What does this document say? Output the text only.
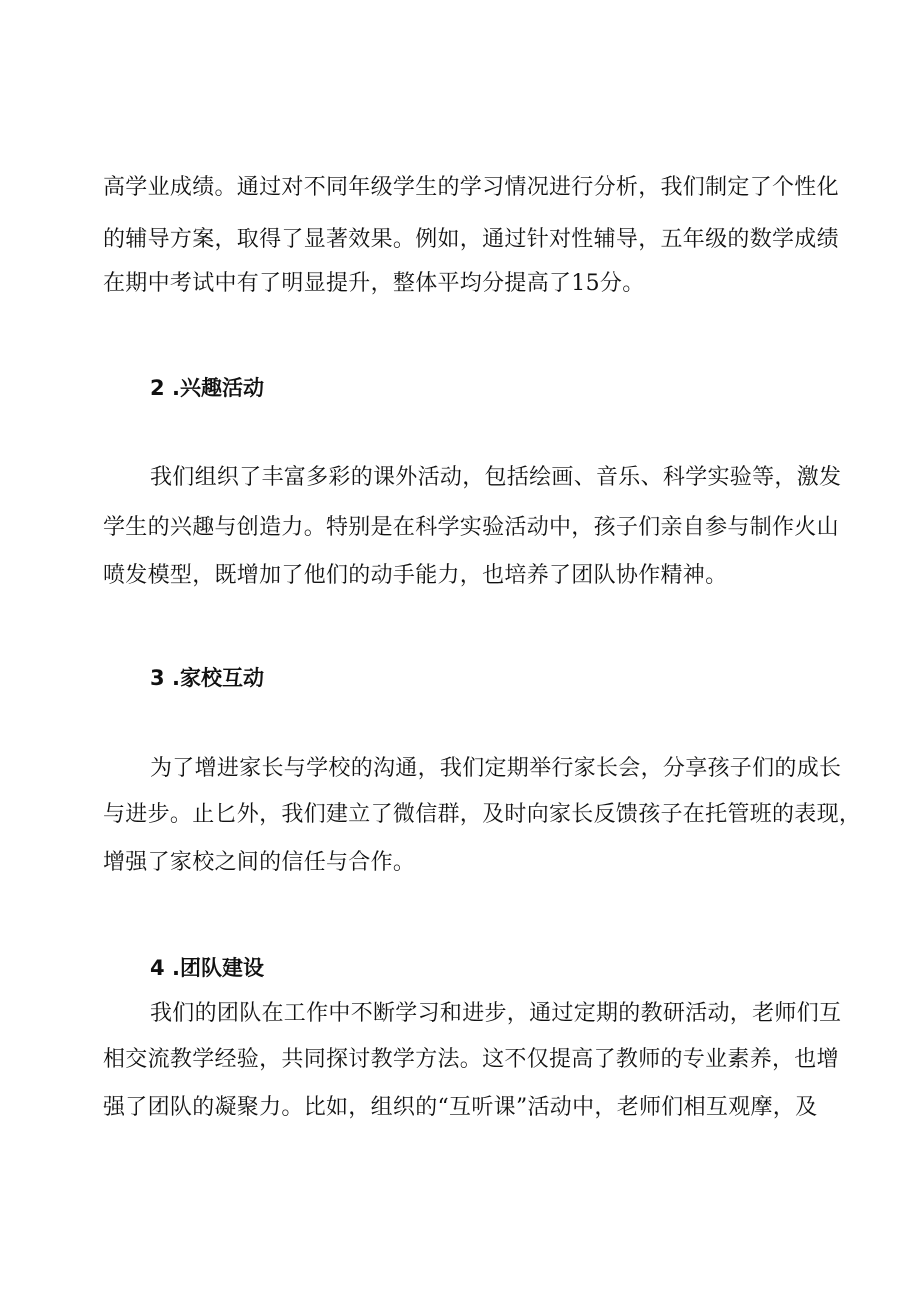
高学业成绩。通过对不同年级学生的学习情况进行分析，我们制定了个性化
的辅导方案，取得了显著效果。例如，通过针对性辅导，五年级的数学成绩
在期中考试中有了明显提升，整体平均分提高了15分。
2 .兴趣活动
我们组织了丰富多彩的课外活动，包括绘画、音乐、科学实验等，激发
学生的兴趣与创造力。特别是在科学实验活动中，孩子们亲自参与制作火山
喷发模型，既增加了他们的动手能力，也培养了团队协作精神。
3 .家校互动
为了增进家长与学校的沟通，我们定期举行家长会，分享孩子们的成长
与进步。止匕外，我们建立了微信群，及时向家长反馈孩子在托管班的表现，
增强了家校之间的信任与合作。
4 .团队建设
我们的团队在工作中不断学习和进步，通过定期的教研活动，老师们互
相交流教学经验，共同探讨教学方法。这不仅提高了教师的专业素养，也增
强了团队的凝聚力。比如，组织的“互听课”活动中，老师们相互观摩，及
